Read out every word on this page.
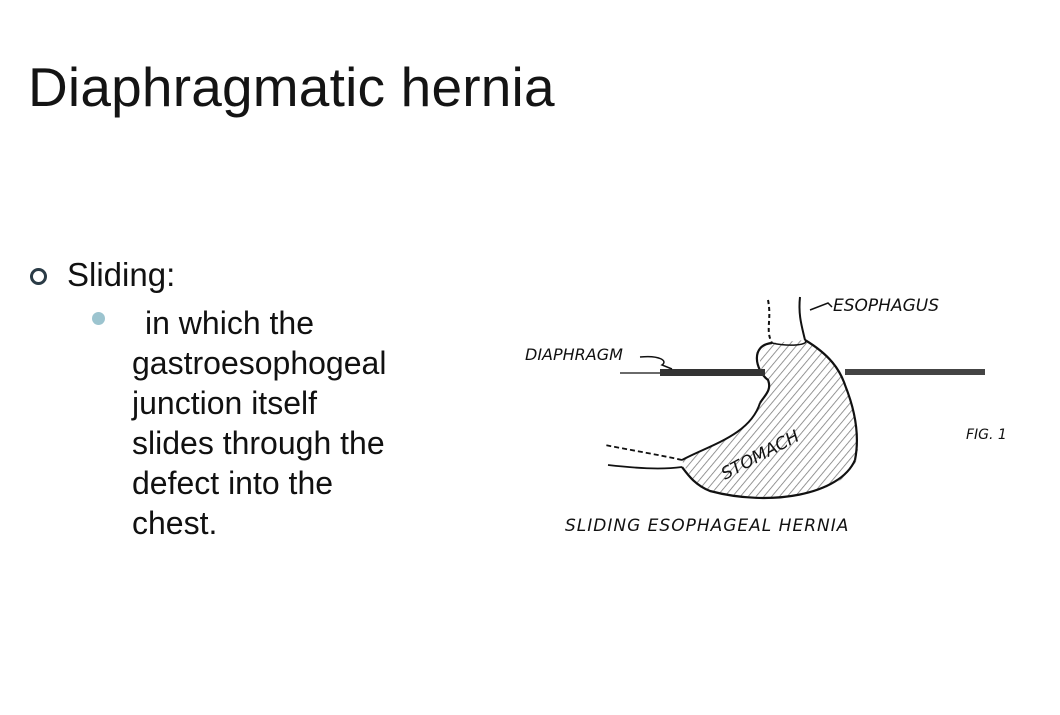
Diaphragmatic hernia
Sliding:
in which the
gastroesophogeal
junction itself
slides through the
defect into the
chest.
ESOPHAGUS
DIAPHRAGM
STOMACH	FIG. 1
SLIDING ESOPHAGEAL HERNIA
